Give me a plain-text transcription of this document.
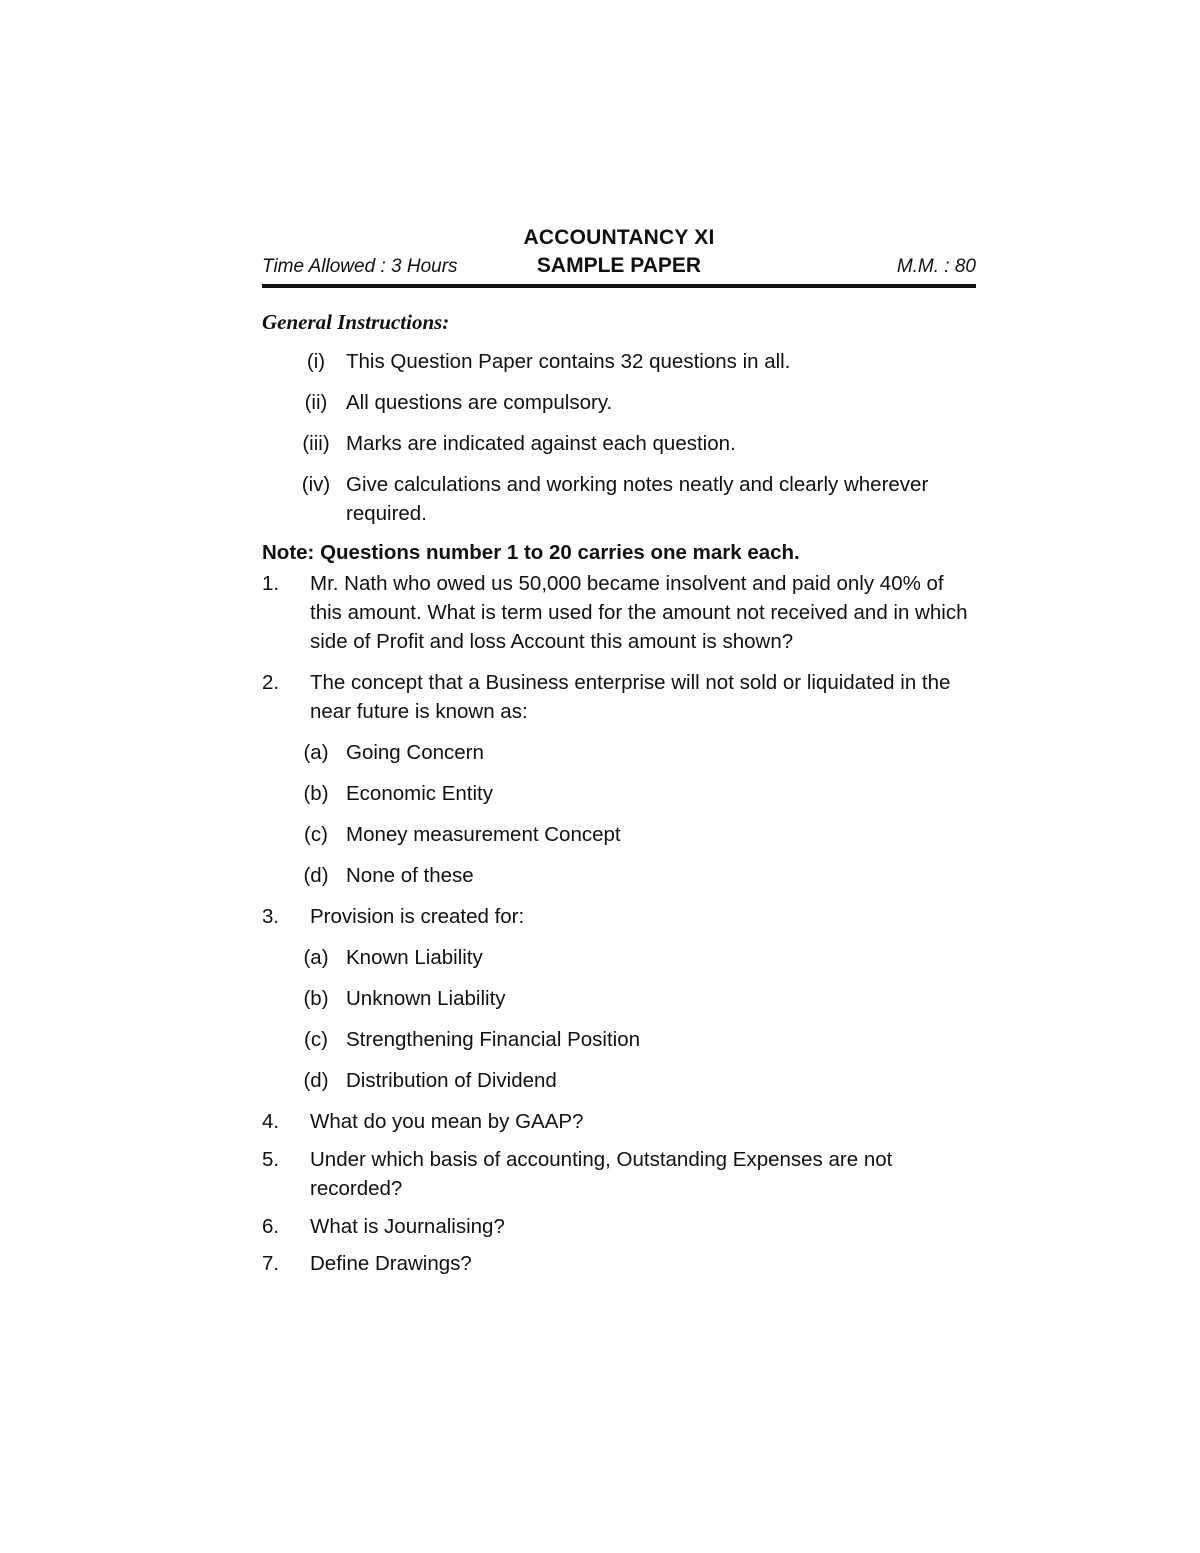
ACCOUNTANCY XI
Time Allowed : 3 Hours	SAMPLE PAPER	M.M. : 80
General Instructions:
(i)	This Question Paper contains 32 questions in all.
(ii) All questions are compulsory.
(iii) Marks are indicated against each question.
(iv) Give calculations and working notes neatly and clearly wherever required.
Note: Questions number 1 to 20 carries one mark each.
1. Mr. Nath who owed us 50,000 became insolvent and paid only 40% of this amount. What is term used for the amount not received and in which side of Profit and loss Account this amount is shown?
2. The concept that a Business enterprise will not sold or liquidated in the near future is known as:
(a) Going Concern
(b) Economic Entity
(c) Money measurement Concept
(d) None of these
3. Provision is created for:
(a) Known Liability
(b) Unknown Liability
(c) Strengthening Financial Position
(d) Distribution of Dividend
4. What do you mean by GAAP?
5. Under which basis of accounting, Outstanding Expenses are not recorded?
6. What is Journalising?
7. Define Drawings?
